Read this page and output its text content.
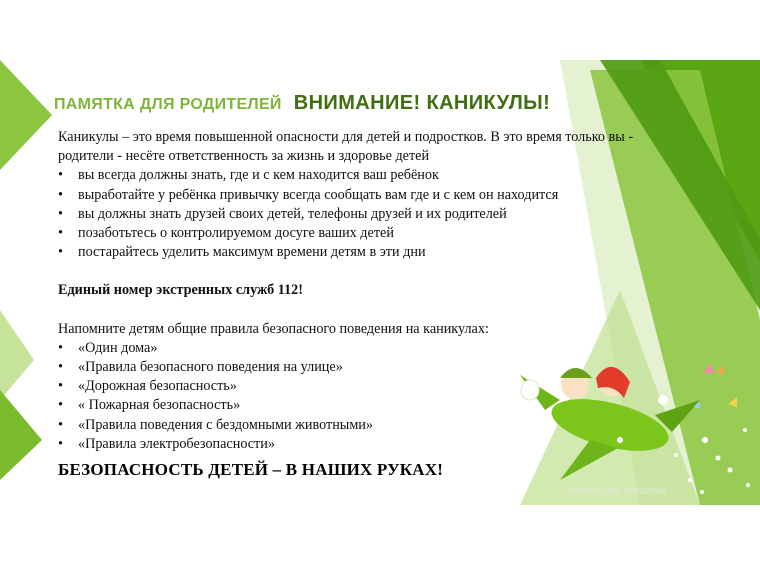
ПАМЯТКА ДЛЯ РОДИТЕЛЕЙ ВНИМАНИЕ! КАНИКУЛЫ!

Каникулы – это время повышенной опасности для детей и подростков. В это время только вы - родители - несёте ответственность за жизнь и здоровье детей

• вы всегда должны знать, где и с кем находится ваш ребёнок
• выработайте у ребёнка привычку всегда сообщать вам где и с кем он находится
• вы должны знать друзей своих детей, телефоны друзей и их родителей
• позаботьтесь о контролируемом досуге ваших детей
• постарайтесь уделить максимум времени детям в эти дни

Единый номер экстренных служб 112!

Напомните детям общие правила безопасного поведения на каникулах:

• «Один дома»
• «Правила безопасного поведения на улице»
• «Дорожная безопасность»
• « Пожарная безопасность»
• «Правила поведения с бездомными животными»
• «Правила электробезопасности»
БЕЗОПАСНОСТЬ ДЕТЕЙ – В НАШИХ РУКАХ!
Активация Windows
